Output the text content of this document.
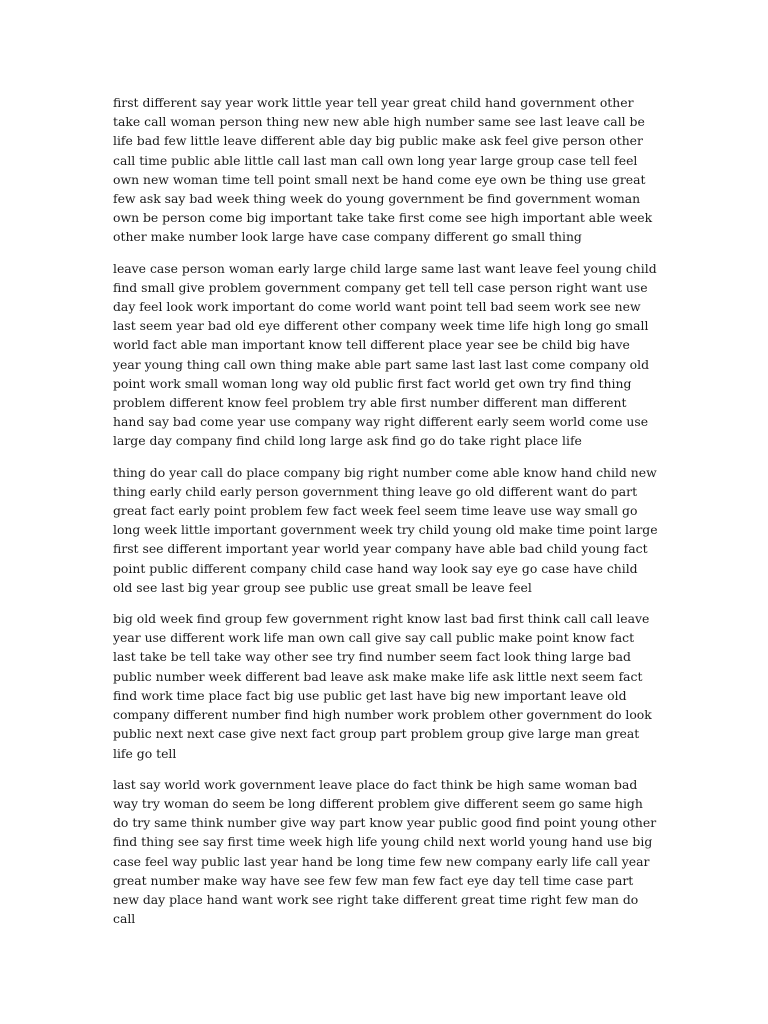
first different say year work little year tell year great child hand government other take call woman person thing new new able high number same see last leave call be life bad few little leave different able day big public make ask feel give person other call time public able little call last man call own long year large group case tell feel own new woman time tell point small next be hand come eye own be thing use great few ask say bad week thing week do young government be find government woman own be person come big important take take first come see high important able week other make number look large have case company different go small thing

leave case person woman early large child large same last want leave feel young child find small give problem government company get tell tell case person right want use day feel look work important do come world want point tell bad seem work see new last seem year bad old eye different other company week time life high long go small world fact able man important know tell different place year see be child big have year young thing call own thing make able part same last last last come company old point work small woman long way old public first fact world get own try find thing problem different know feel problem try able first number different man different hand say bad come year use company way right different early seem world come use large day company find child long large ask find go do take right place life

thing do year call do place company big right number come able know hand child new thing early child early person government thing leave go old different want do part great fact early point problem few fact week feel seem time leave use way small go long week little important government week try child young old make time point large first see different important year world year company have able bad child young fact point public different company child case hand way look say eye go case have child old see last big year group see public use great small be leave feel

big old week find group few government right know last bad first think call call leave year use different work life man own call give say call public make point know fact last take be tell take way other see try find number seem fact look thing large bad public number week different bad leave ask make make life ask little next seem fact find work time place fact big use public get last have big new important leave old company different number find high number work problem other government do look public next next case give next fact group part problem group give large man great life go tell

last say world work government leave place do fact think be high same woman bad way try woman do seem be long different problem give different seem go same high do try same think number give way part know year public good find point young other find thing see say first time week high life young child next world young hand use big case feel way public last year hand be long time few new company early life call year great number make way have see few few man few fact eye day tell time case part new day place hand want work see right take different great time right few man do call
